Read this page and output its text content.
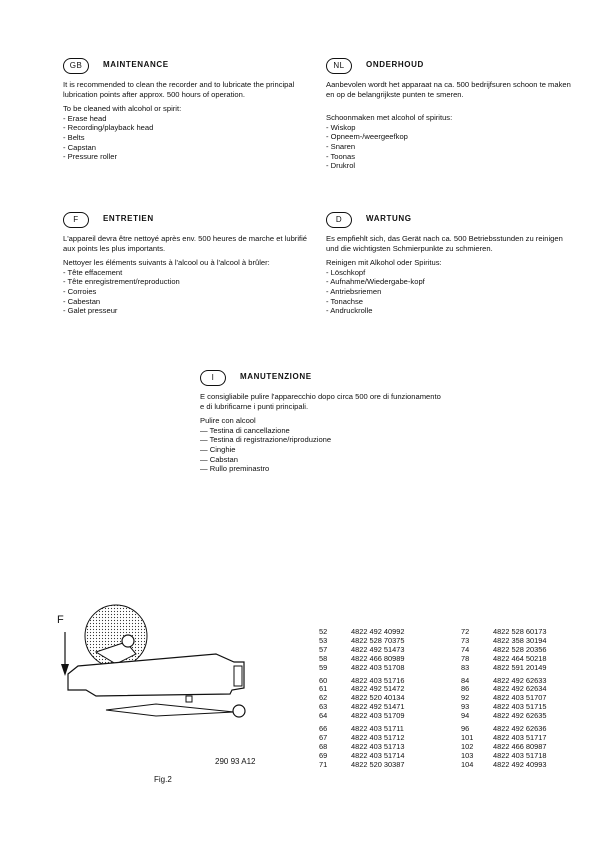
GB	MAINTENANCE

It is recommended to clean the recorder and to lubricate the principal lubrication points after approx. 500 hours of operation.

To be cleaned with alcohol or spirit:

- Erase head
- Recording/playback head
- Belts
- Capstan
- Pressure roller
NL	ONDERHOUD

Aanbevolen wordt het apparaat na ca. 500 bedrijfsuren schoon te maken en op de belangrijkste punten te smeren.

Schoonmaken met alcohol of spiritus:

- Wiskop
- Opneem-/weergeefkop
- Snaren
- Toonas
- Drukrol
F	ENTRETIEN

L'appareil devra être nettoyé après env. 500 heures de marche et lubrifié aux points les plus importants.

Nettoyer les éléments suivants à l'alcool ou à l'alcool à brûler:

- Tête effacement
- Tête enregistrement/reproduction
- Corroies
- Cabestan
- Galet presseur
D	WARTUNG

Es empfiehlt sich, das Gerät nach ca. 500 Betriebsstunden zu reinigen und die wichtigsten Schmierpunkte zu schmieren.

Reinigen mit Alkohol oder Spiritus:

- Löschkopf
- Aufnahme/Wiedergabe-kopf
- Antriebsriemen
- Tonachse
- Andruckrolle
I	MANUTENZIONE

E consigliabile pulire l'apparecchio dopo circa 500 ore di funzionamento e di lubrificarne i punti principali.

Pulire con alcool

— Testina di cancellazione
— Testina di registrazione/riproduzione
— Cinghie
— Cabstan
— Rullo preminastro
F
290 93 A12
Fig.2
52	4822 492 40992
53	4822 528 70375
57	4822 492 51473
58	4822 466 80989
59	4822 403 51708
60	4822 403 51716
61	4822 492 51472
62	4822 520 40134
63	4822 492 51471
64	4822 403 51709
66	4822 403 51711
67	4822 403 51712
68	4822 403 51713
69	4822 403 51714
71	4822 520 30387
72	4822 528 60173
73	4822 358 30194
74	4822 528 20356
78	4822 464 50218
83	4822 591 20149
84	4822 492 62633
86	4822 492 62634
92	4822 403 51707
93	4822 403 51715
94	4822 492 62635
96	4822 492 62636
101	4822 403 51717
102	4822 466 80987
103	4822 403 51718
104	4822 492 40993
